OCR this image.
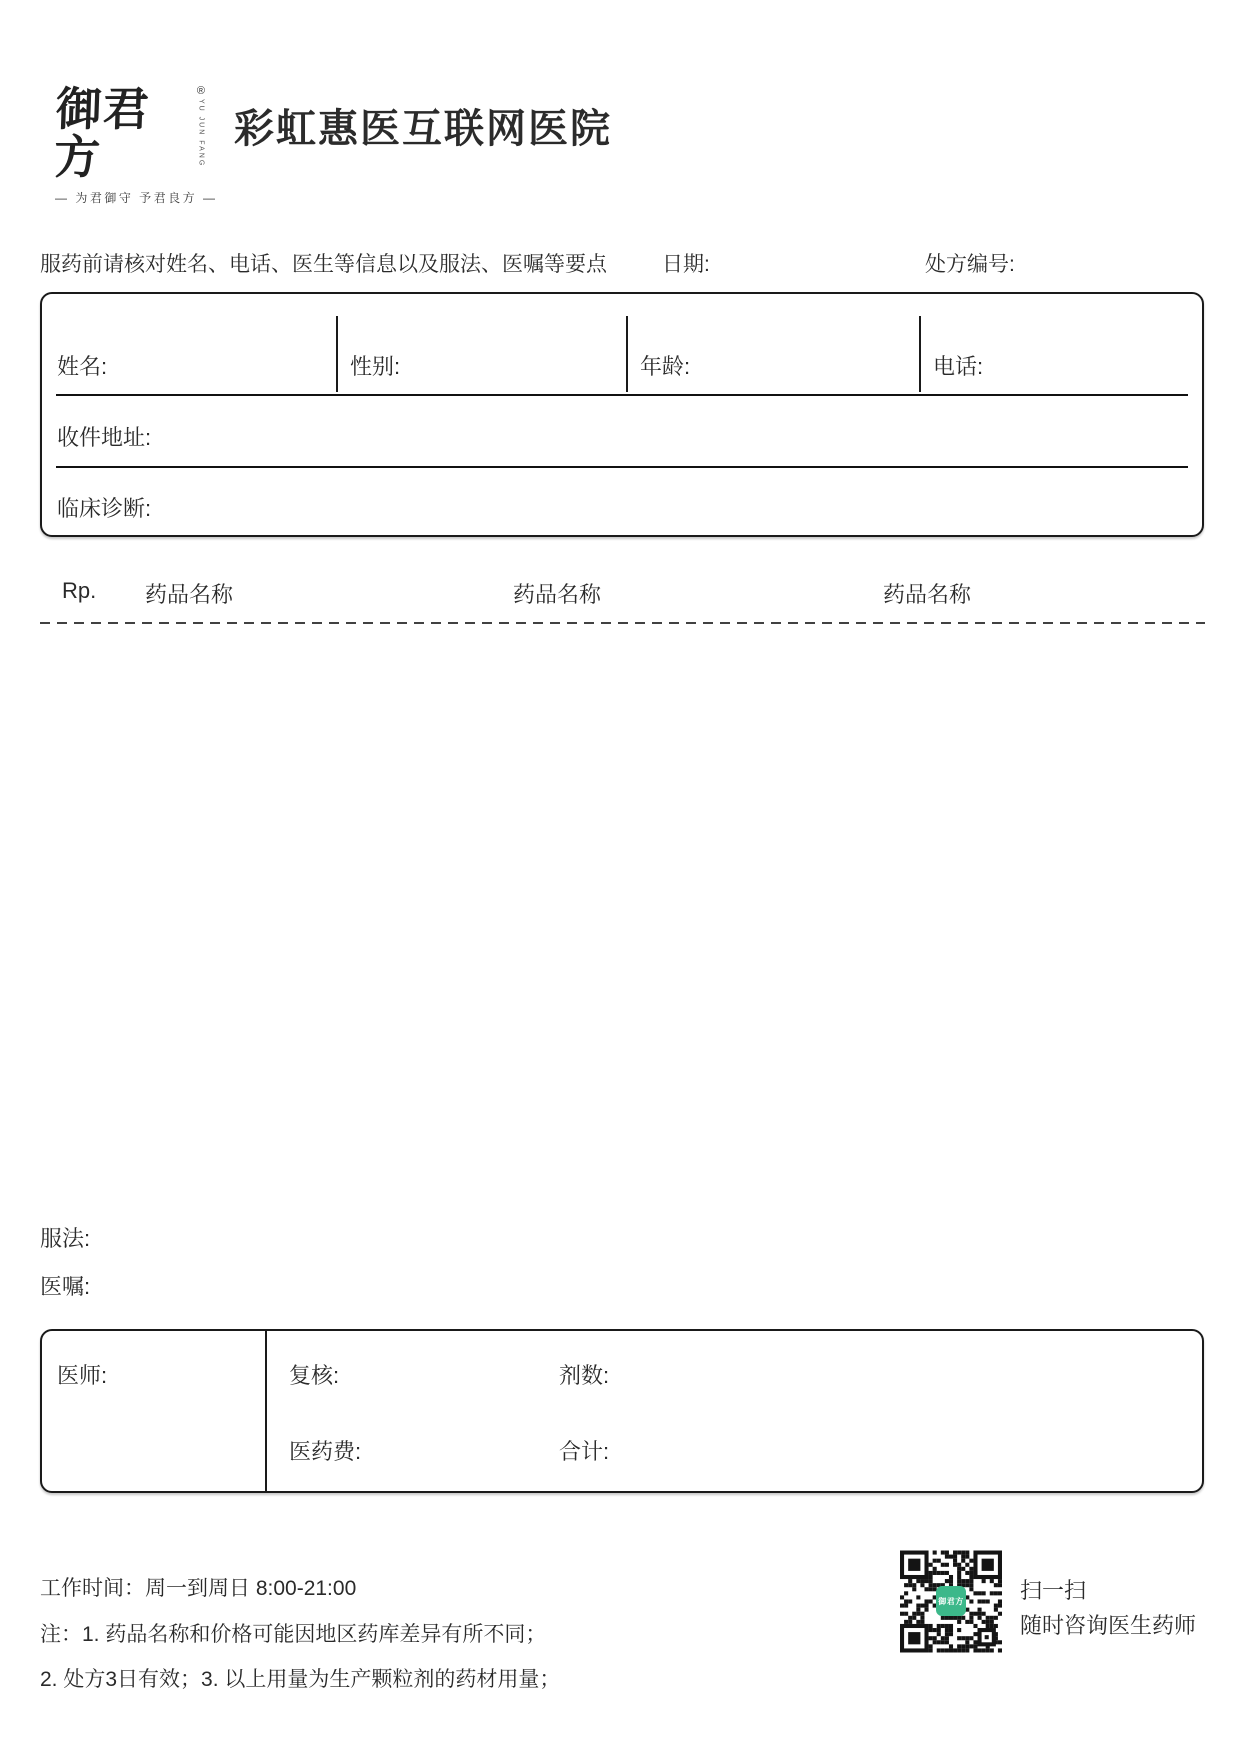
御君方
®
YU JUN FANG
— 为君御守 予君良方 —
彩虹惠医互联网医院
服药前请核对姓名、电话、医生等信息以及服法、医嘱等要点	日期:	处方编号:
姓名:	性别:	年龄:	电话:
收件地址:
临床诊断:
Rp. 药品名称	药品名称	药品名称
服法:
医嘱:
医师:	复核:	剂数:
医药费:	合计:
工作时间：周一到周日 8:00-21:00
注：1. 药品名称和价格可能因地区药库差异有所不同；
2. 处方3日有效；3. 以上用量为生产颗粒剂的药材用量；
御君方	扫一扫
随时咨询医生药师
